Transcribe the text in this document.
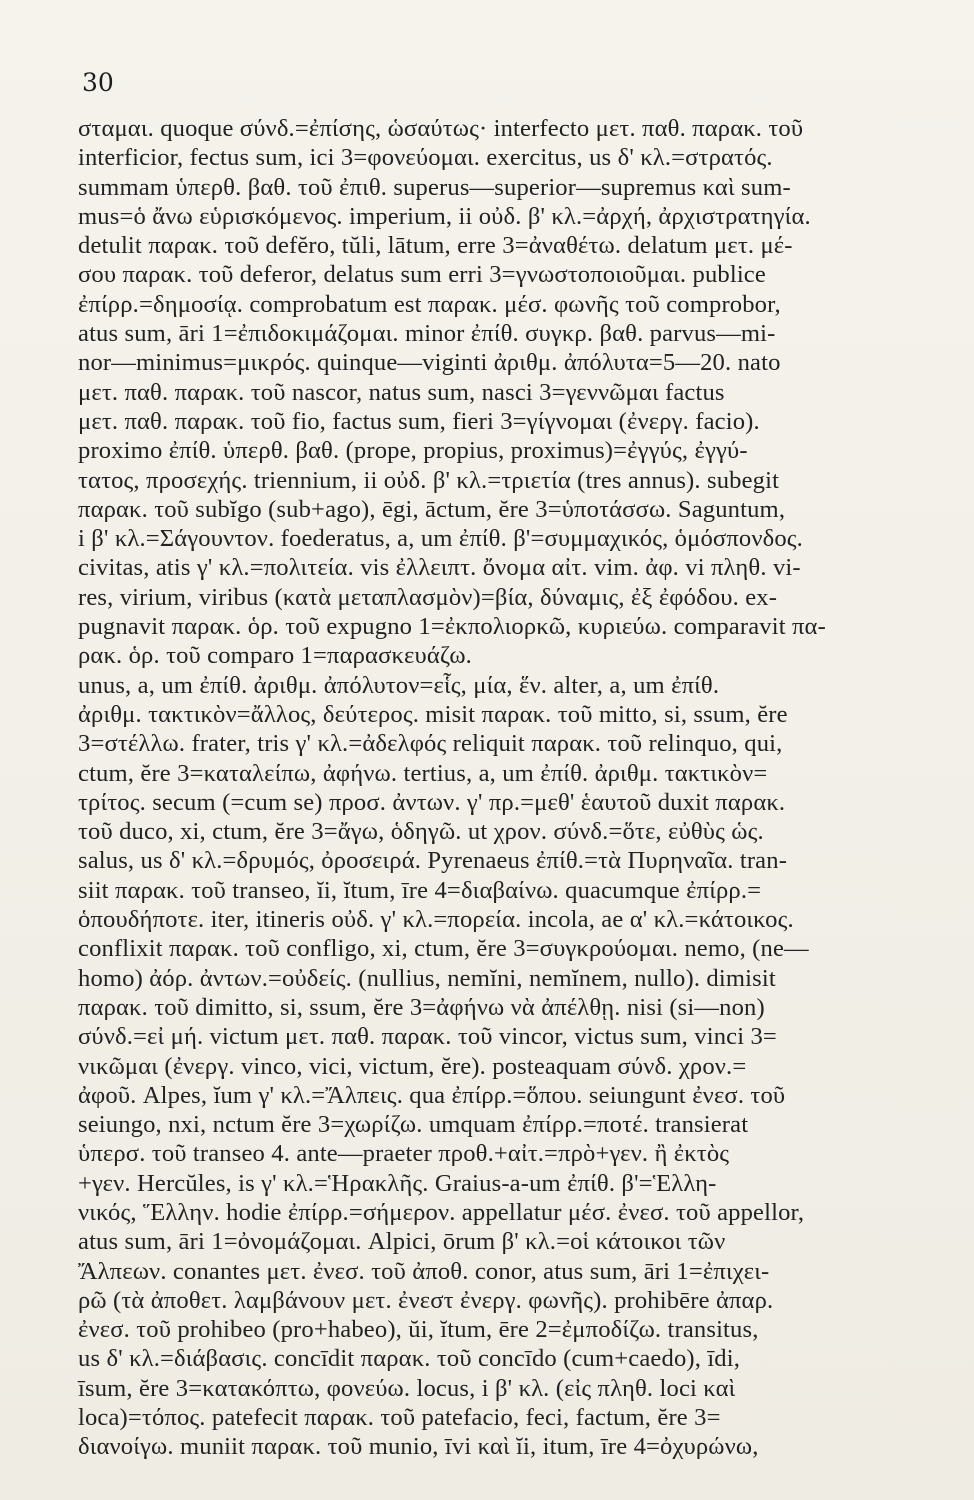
30
σταμαι. quoque σύνδ.=ἐπίσης, ὡσαύτως· interfecto μετ. παθ. παρακ. τοῦ
interficior, fectus sum, ici 3=φονεύομαι. exercitus, us δ' κλ.=στρατός.
summam ὑπερθ. βαθ. τοῦ ἐπιθ. superus—superior—supremus καὶ sum-
mus=ὁ ἄνω εὑρισκόμενος. imperium, ii οὐδ. β' κλ.=ἀρχή, ἀρχιστρατηγία.
detulit παρακ. τοῦ defĕro, tŭli, lātum, erre 3=ἀναθέτω. delatum μετ. μέ-
σου παρακ. τοῦ deferor, delatus sum erri 3=γνωστοποιοῦμαι. publice
ἐπίρρ.=δημοσίᾳ. comprobatum est παρακ. μέσ. φωνῆς τοῦ comprobor,
atus sum, āri 1=ἐπιδοκιμάζομαι. minor ἐπίθ. συγκρ. βαθ. parvus—mi-
nor—minimus=μικρός. quinque—viginti ἀριθμ. ἀπόλυτα=5—20. nato
μετ. παθ. παρακ. τοῦ nascor, natus sum, nasci 3=γεννῶμαι factus
μετ. παθ. παρακ. τοῦ fio, factus sum, fieri 3=γίγνομαι (ἐνεργ. facio).
proximo ἐπίθ. ὑπερθ. βαθ. (prope, propius, proximus)=ἐγγύς, ἐγγύ-
τατος, προσεχής. triennium, ii οὐδ. β' κλ.=τριετία (tres annus). subegit
παρακ. τοῦ subĭgo (sub+ago), ēgi, āctum, ĕre 3=ὑποτάσσω. Saguntum,
i β' κλ.=Σάγουντον. foederatus, a, um ἐπίθ. β'=συμμαχικός, ὁμόσπονδος.
civitas, atis γ' κλ.=πολιτεία. vis ἐλλειπτ. ὄνομα αἰτ. vim. ἀφ. vi πληθ. vi-
res, virium, viribus (κατὰ μεταπλασμὸν)=βία, δύναμις, ἐξ ἐφόδου. ex-
pugnavit παρακ. ὁρ. τοῦ expugno 1=ἐκπολιορκῶ, κυριεύω. comparavit πα-
ρακ. ὁρ. τοῦ comparo 1=παρασκευάζω.
unus, a, um ἐπίθ. ἀριθμ. ἀπόλυτον=εἷς, μία, ἕν. alter, a, um ἐπίθ.
ἀριθμ. τακτικὸν=ἄλλος, δεύτερος. misit παρακ. τοῦ mitto, si, ssum, ĕre
3=στέλλω. frater, tris γ' κλ.=ἀδελφός reliquit παρακ. τοῦ relinquo, qui,
ctum, ĕre 3=καταλείπω, ἀφήνω. tertius, a, um ἐπίθ. ἀριθμ. τακτικὸν=
τρίτος. secum (=cum se) προσ. ἀντων. γ' πρ.=μεθ' ἑαυτοῦ duxit παρακ.
τοῦ duco, xi, ctum, ĕre 3=ἄγω, ὁδηγῶ. ut χρον. σύνδ.=ὅτε, εὐθὺς ὡς.
salus, us δ' κλ.=δρυμός, ὀροσειρά. Pyrenaeus ἐπίθ.=τὰ Πυρηναῖα. tran-
siit παρακ. τοῦ transeo, ĭi, ĭtum, īre 4=διαβαίνω. quacumque ἐπίρρ.=
ὁπουδήποτε. iter, itineris οὐδ. γ' κλ.=πορεία. incola, ae α' κλ.=κάτοικος.
conflixit παρακ. τοῦ confligo, xi, ctum, ĕre 3=συγκρούομαι. nemo, (ne—
homo) ἀόρ. ἀντων.=οὐδείς. (nullius, nemĭni, nemĭnem, nullo). dimisit
παρακ. τοῦ dimitto, si, ssum, ĕre 3=ἀφήνω νὰ ἀπέλθῃ. nisi (si—non)
σύνδ.=εἰ μή. victum μετ. παθ. παρακ. τοῦ vincor, victus sum, vinci 3=
νικῶμαι (ἐνεργ. vinco, vici, victum, ĕre). posteaquam σύνδ. χρον.=
ἀφοῦ. Alpes, ĭum γ' κλ.=Ἄλπεις. qua ἐπίρρ.=ὅπου. seiungunt ἐνεσ. τοῦ
seiungo, nxi, nctum ĕre 3=χωρίζω. umquam ἐπίρρ.=ποτέ. transierat
ὑπερσ. τοῦ transeo 4. ante—praeter προθ.+αἰτ.=πρὸ+γεν. ἢ ἐκτὸς
+γεν. Hercŭles, is γ' κλ.=Ἡρακλῆς. Graius-a-um ἐπίθ. β'=Ἑλλη-
νικός, Ἕλλην. hodie ἐπίρρ.=σήμερον. appellatur μέσ. ἐνεσ. τοῦ appellor,
atus sum, āri 1=ὀνομάζομαι. Alpici, ōrum β' κλ.=οἱ κάτοικοι τῶν
Ἄλπεων. conantes μετ. ἐνεσ. τοῦ ἀποθ. conor, atus sum, āri 1=ἐπιχει-
ρῶ (τὰ ἀποθετ. λαμβάνουν μετ. ἐνεστ ἐνεργ. φωνῆς). prohibēre ἀπαρ.
ἐνεσ. τοῦ prohibeo (pro+habeo), ŭi, ĭtum, ēre 2=ἐμποδίζω. transitus,
us δ' κλ.=διάβασις. concīdit παρακ. τοῦ concīdo (cum+caedo), īdi,
īsum, ĕre 3=κατακόπτω, φονεύω. locus, i β' κλ. (εἰς πληθ. loci καὶ
loca)=τόπος. patefecit παρακ. τοῦ patefacio, feci, factum, ĕre 3=
διανοίγω. muniit παρακ. τοῦ munio, īvi καὶ ĭi, itum, īre 4=ὀχυρώνω,
